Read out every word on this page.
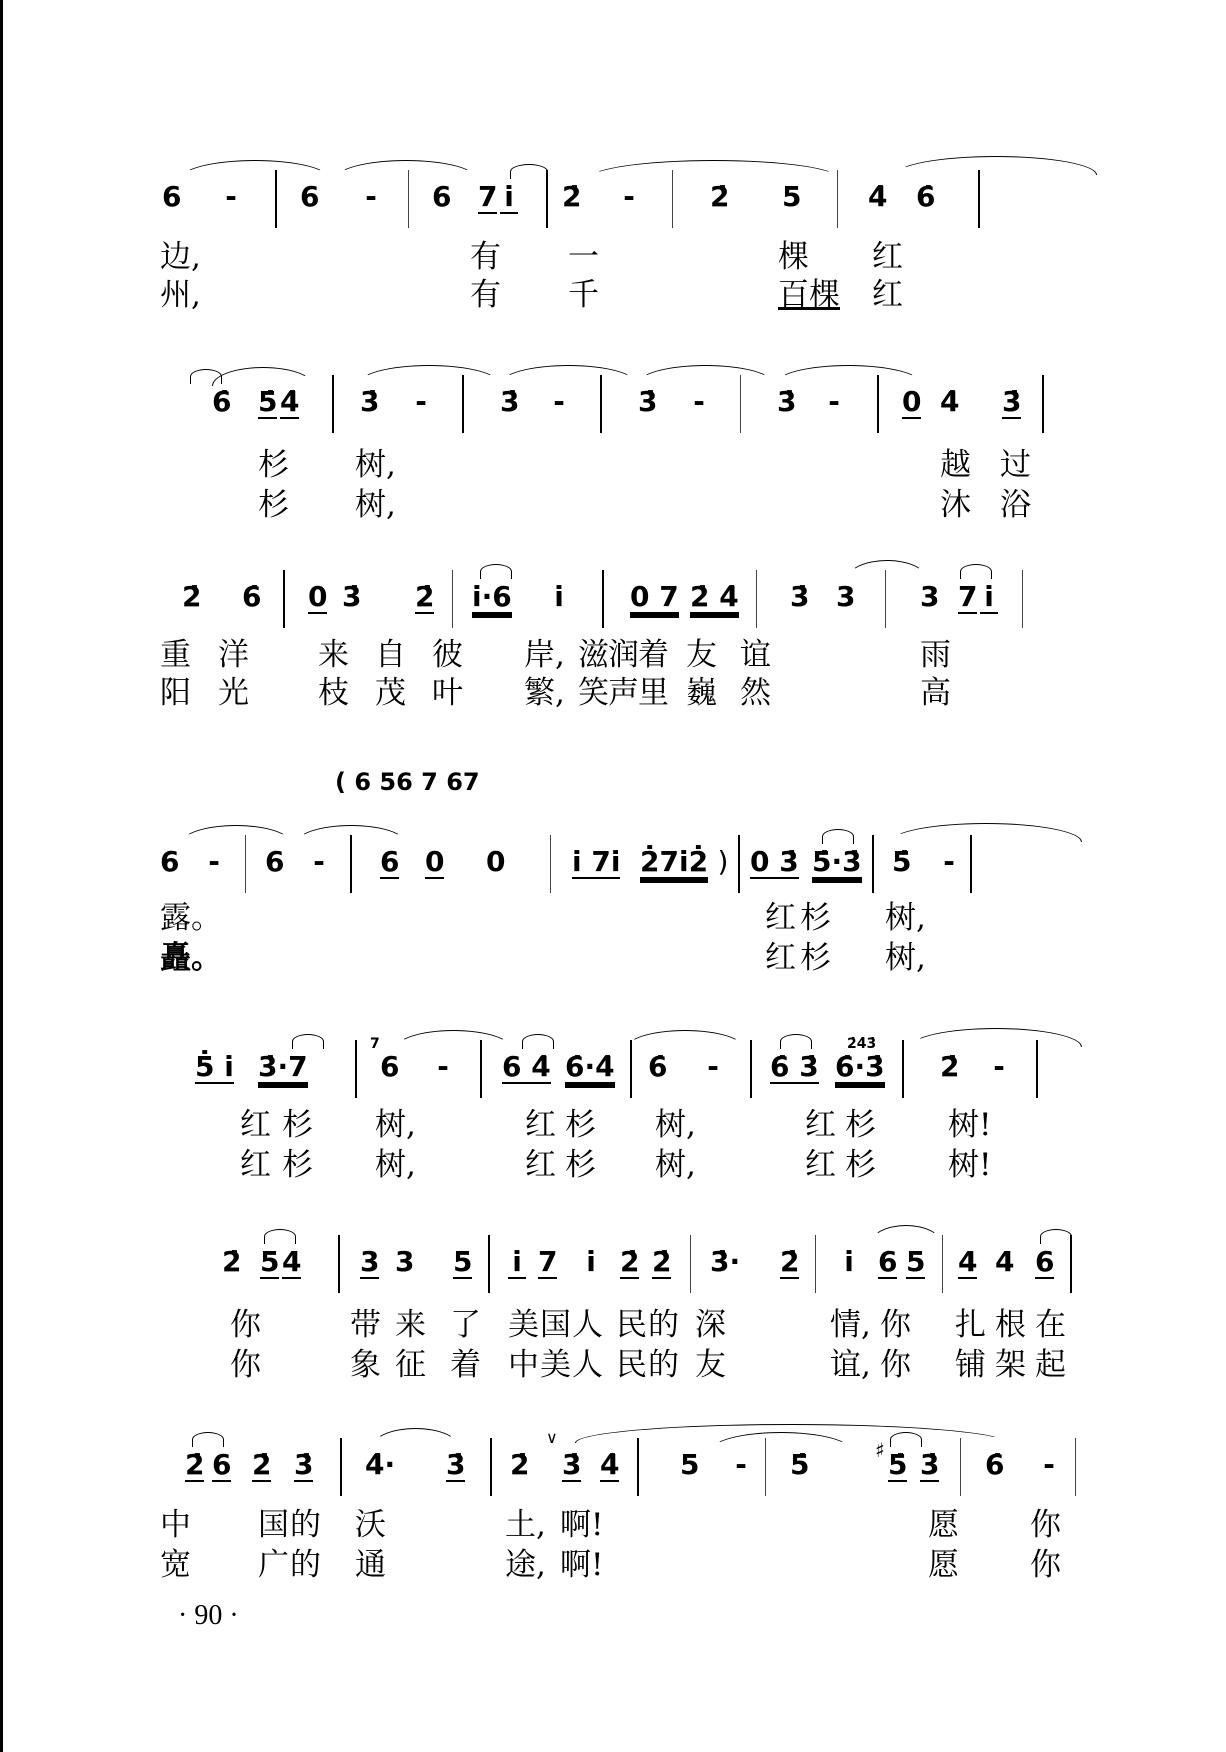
6 - 6 - 6 7 i̇ 2̇ -	2̇ 5 4̇ 6̇
边,	有 一	棵 红
州,	有 千	百棵 红
6̇ 5̇ 4̇ 3̇ -	3̇ -	3̇ -	3̇ - 0 4̇ 3̇
杉 树,	越 过
杉 树,	沐 浴
2̇ 6̇ 0 3̇ 2̇ i̇·6 i̇ 0 7 2̇ 4̇ 3̇ 3 3 7 i̇
重 洋 来 自 彼 岸, 滋 润 着 友 谊	雨
阳 光 枝 茂 叶 繁, 笑 声 里 巍 然	高
( 6 56 7 67
6 - 6 - 6 0 0 i̇ 7i̇ 2̇7i̇2̇ ) 0 3̇ 5̇·3̇ 5̇ -
露。	红 杉 树,
矗。	红 杉 树,
7	2̇4̇3̇
5̇ i̇ 3̇·7	6 - 6 4̇ 6̇·4̇ 6̇ - 6̇ 3̇ 6̇·3̇ 2̇ -
红 杉 树,	红 杉 树,	红 杉 树!
红 杉 树,	红 杉 树,	红 杉 树!
2̇ 5 4 3 3 5 i̇ 7 i̇ 2̇ 2̇ 3̇· 2̇ i̇ 6 5 4 4 6
你	带 来 了 美 国 人 民 的 深	情, 你 扎 根 在
你	象 征 着 中 美 人 民 的 友	谊, 你 铺 架 起
∨
♯
2̇ 6 2̇ 3̇ 4̇· 3̇ 2̇ 3̇ 4̇ 5 - 5̇	5̇ 3̇ 6̇ -
中 国 的 沃	土, 啊!	愿 你
宽 广 的 通	途, 啊!	愿 你
· 90 ·
